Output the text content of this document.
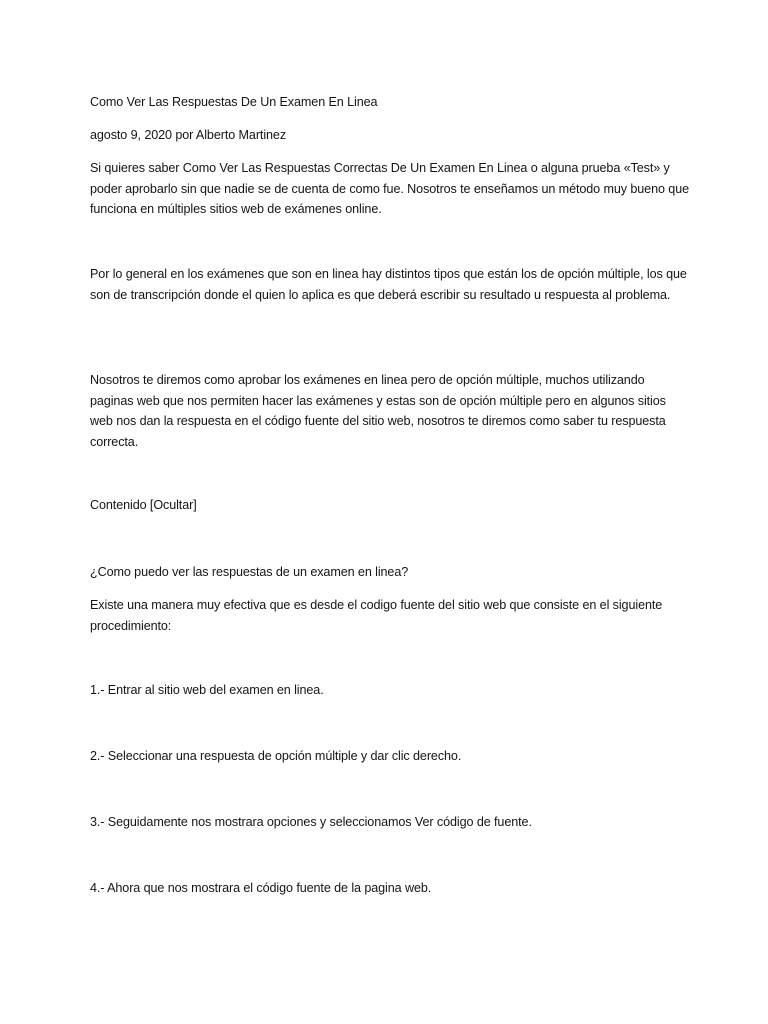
Como Ver Las Respuestas De Un Examen En Linea

agosto 9, 2020 por Alberto Martinez

Si quieres saber Como Ver Las Respuestas Correctas De Un Examen En Linea o alguna prueba «Test» y poder aprobarlo sin que nadie se de cuenta de como fue. Nosotros te enseñamos un método muy bueno que funciona en múltiples sitios web de exámenes online.

Por lo general en los exámenes que son en linea hay distintos tipos que están los de opción múltiple, los que son de transcripción donde el quien lo aplica es que deberá escribir su resultado u respuesta al problema.

Nosotros te diremos como aprobar los exámenes en linea pero de opción múltiple, muchos utilizando paginas web que nos permiten hacer las exámenes y estas son de opción múltiple pero en algunos sitios web nos dan la respuesta en el código fuente del sitio web, nosotros te diremos como saber tu respuesta correcta.

Contenido [Ocultar]

¿Como puedo ver las respuestas de un examen en linea?

Existe una manera muy efectiva que es desde el codigo fuente del sitio web que consiste en el siguiente procedimiento:

1.- Entrar al sitio web del examen en linea.

2.- Seleccionar una respuesta de opción múltiple y dar clic derecho.

3.- Seguidamente nos mostrara opciones y seleccionamos Ver código de fuente.

4.- Ahora que nos mostrara el código fuente de la pagina web.
